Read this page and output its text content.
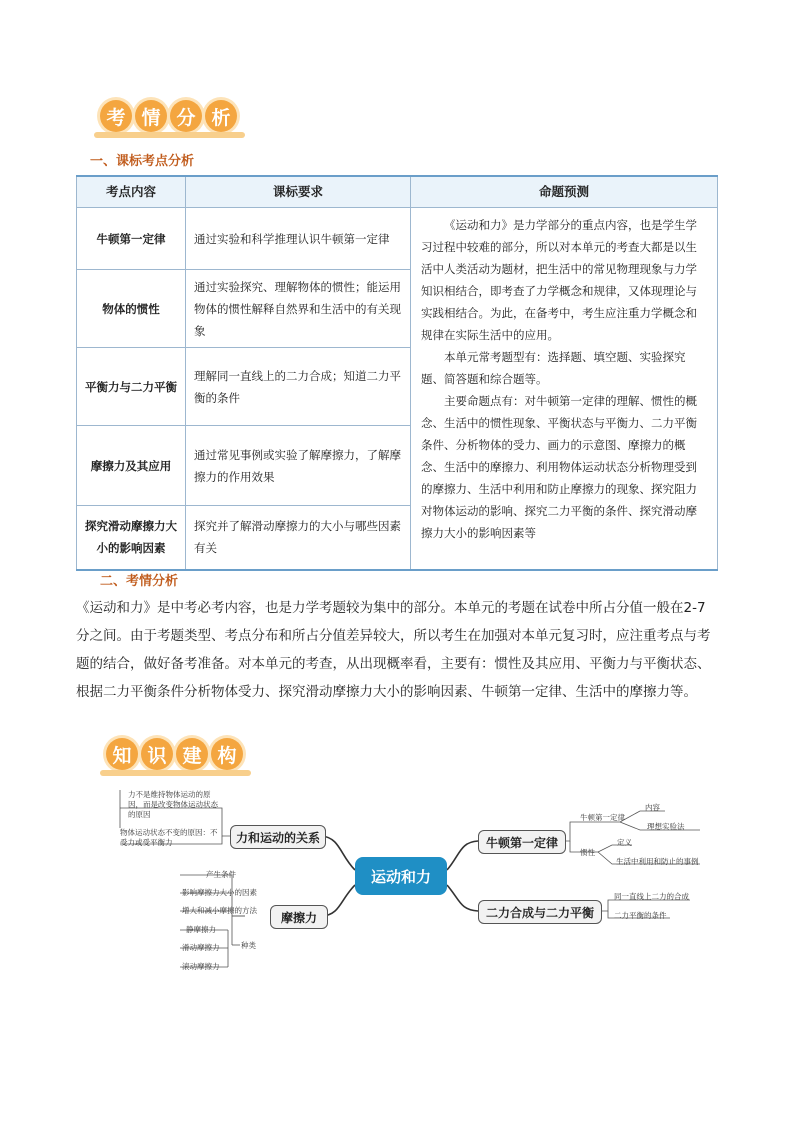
考 情 分 析
一、课标考点分析
考点内容	课标要求	命题预测
牛顿第一定律	通过实验和科学推理认识牛顿第一定律	《运动和力》是力学部分的重点内容，也是学生学习过程中较难的部分，所以对本单元的考查大都是以生活中人类活动为题材，把生活中的常见物理现象与力学知识相结合，即考查了力学概念和规律，又体现理论与实践相结合。为此，在备考中，考生应注重力学概念和规律在实际生活中的应用。

本单元常考题型有：选择题、填空题、实验探究题、简答题和综合题等。

主要命题点有：对牛顿第一定律的理解、惯性的概念、生活中的惯性现象、平衡状态与平衡力、二力平衡条件、分析物体的受力、画力的示意图、摩擦力的概念、生活中的摩擦力、利用物体运动状态分析物理受到的摩擦力、生活中利用和防止摩擦力的现象、探究阻力对物体运动的影响、探究二力平衡的条件、探究滑动摩擦力大小的影响因素等

物体的惯性	通过实验探究、理解物体的惯性；能运用物体的惯性解释自然界和生活中的有关现象	
平衡力与二力平衡	理解同一直线上的二力合成；知道二力平衡的条件	
摩擦力及其应用	通过常见事例或实验了解摩擦力，了解摩擦力的作用效果	
探究滑动摩擦力大小的影响因素	探究并了解滑动摩擦力的大小与哪些因素有关	
二、考情分析
《运动和力》是中考必考内容，也是力学考题较为集中的部分。本单元的考题在试卷中所占分值一般在2-7分之间。由于考题类型、考点分布和所占分值差异较大，所以考生在加强对本单元复习时，应注重考点与考题的结合，做好备考准备。对本单元的考查，从出现概率看，主要有：惯性及其应用、平衡力与平衡状态、根据二力平衡条件分析物体受力、探究滑动摩擦力大小的影响因素、牛顿第一定律、生活中的摩擦力等。
知 识 建 构
运动和力
力和运动的关系
摩擦力
牛顿第一定律
二力合成与二力平衡
力不是维持物体运动的原因，而是改变物体运动状态的原因
物体运动状态不变的原因：不受力或受平衡力
产生条件
影响摩擦力大小的因素
增大和减小摩擦的方法
种类
静摩擦力
滑动摩擦力
滚动摩擦力
牛顿第一定律
内容
理想实验法
惯性
定义
生活中利用和防止的事例
同一直线上二力的合成
二力平衡的条件
